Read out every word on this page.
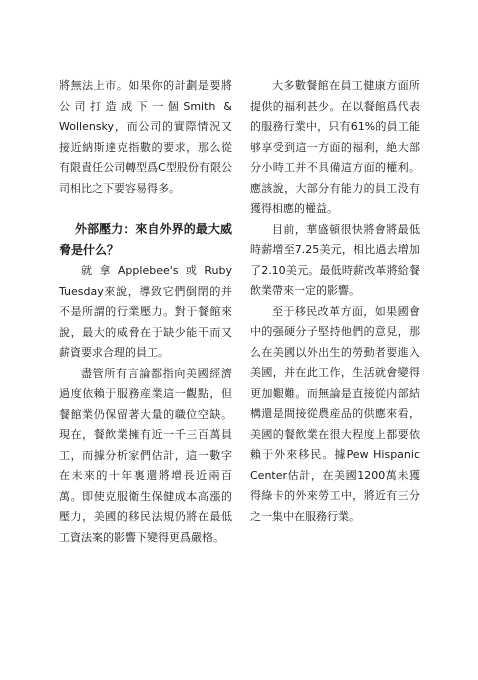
將無法上市。如果你的計劃是要將公司打造成下一個Smith & Wollensky，而公司的實際情況又接近納斯達克指數的要求，那么從有限責任公司轉型爲C型股份有限公司相比之下要容易得多。

外部壓力：來自外界的最大威脅是什么？

就拿Applebee's或Ruby Tuesday來說，導致它們倒閉的并不是所謂的行業壓力。對于餐館來說，最大的威脅在于缺少能干而又薪資要求合理的員工。

盡管所有言論都指向美國經濟過度依賴于服務産業這一觀點，但餐館業仍保留著大量的職位空缺。現在，餐飲業擁有近一千三百萬員工，而據分析家們估計，這一數字在未來的十年裏還將增長近兩百萬。即使克服衛生保健成本高漲的壓力，美國的移民法規仍將在最低工資法案的影響下變得更爲嚴格。

大多數餐館在員工健康方面所提供的福利甚少。在以餐館爲代表的服務行業中，只有61%的員工能够享受到這一方面的福利，絶大部分小時工并不具備這方面的權利。應該說，大部分有能力的員工没有獲得相應的權益。

目前，華盛頓很快將會將最低時薪增至7.25美元，相比過去增加了2.10美元。最低時薪改革將給餐飲業帶來一定的影響。

至于移民改革方面，如果國會中的强硬分子堅持他們的意見，那么在美國以外出生的勞動者要進入美國，并在此工作，生活就會變得更加艱難。而無論是直接從内部結構還是間接從農産品的供應來看，美國的餐飲業在很大程度上都要依賴于外來移民。據Pew Hispanic Center估計，在美國1200萬未獲得綠卡的外來勞工中，將近有三分之一集中在服務行業。
